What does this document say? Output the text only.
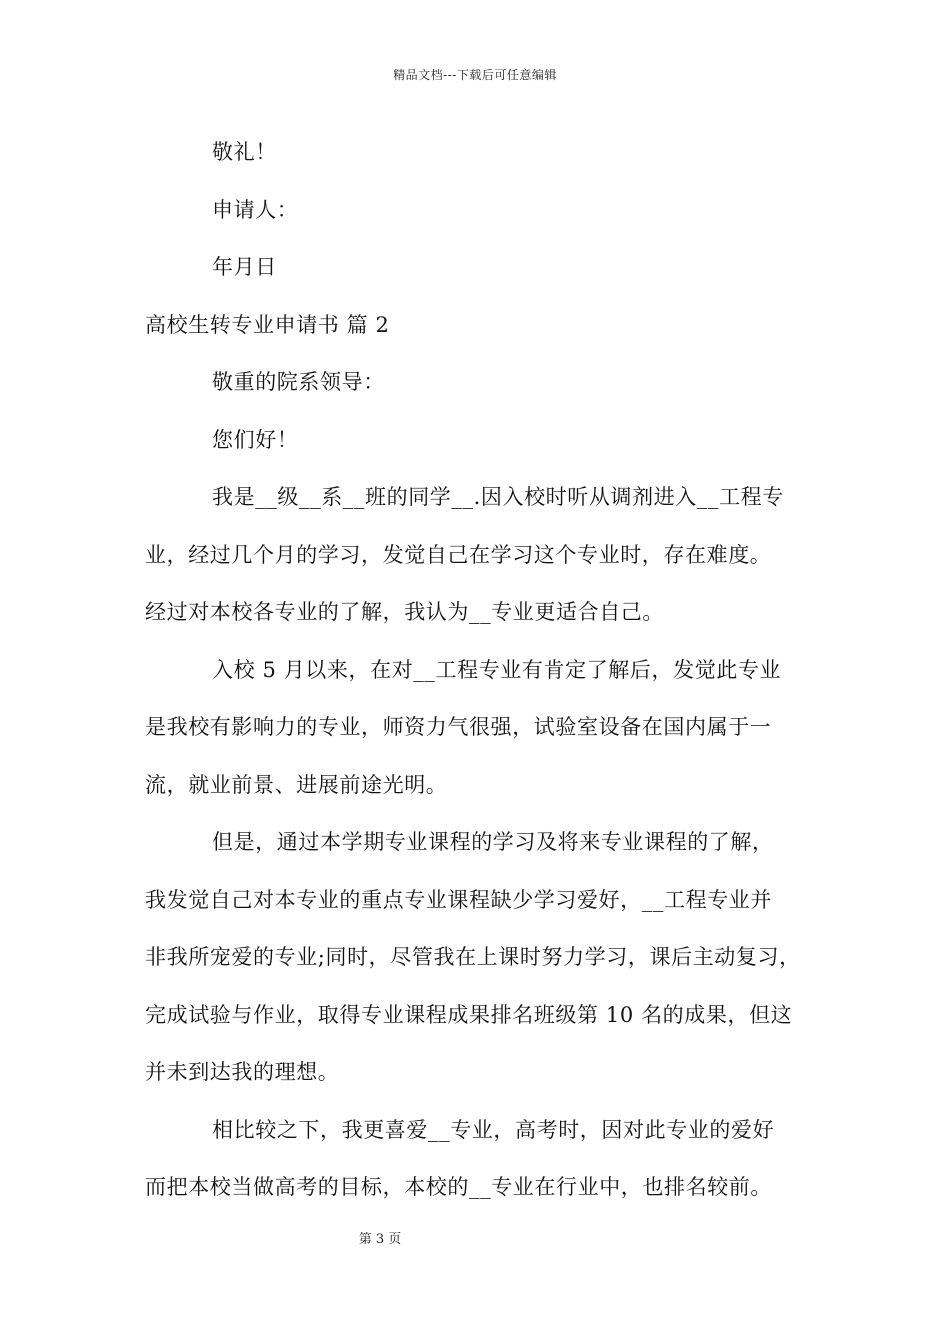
精品文档---下载后可任意编辑
敬礼！
申请人：
年月日
高校生转专业申请书 篇 2
敬重的院系领导：
您们好！
我是__级__系__班的同学__.因入校时听从调剂进入__工程专
业，经过几个月的学习，发觉自己在学习这个专业时，存在难度。
经过对本校各专业的了解，我认为__专业更适合自己。
入校 5 月以来，在对__工程专业有肯定了解后，发觉此专业
是我校有影响力的专业，师资力气很强，试验室设备在国内属于一
流，就业前景、进展前途光明。
但是，通过本学期专业课程的学习及将来专业课程的了解，
我发觉自己对本专业的重点专业课程缺少学习爱好，__工程专业并
非我所宠爱的专业;同时，尽管我在上课时努力学习，课后主动复习，
完成试验与作业，取得专业课程成果排名班级第 10 名的成果，但这
并未到达我的理想。
相比较之下，我更喜爱__专业，高考时，因对此专业的爱好
而把本校当做高考的目标，本校的__专业在行业中，也排名较前。
第 3 页
